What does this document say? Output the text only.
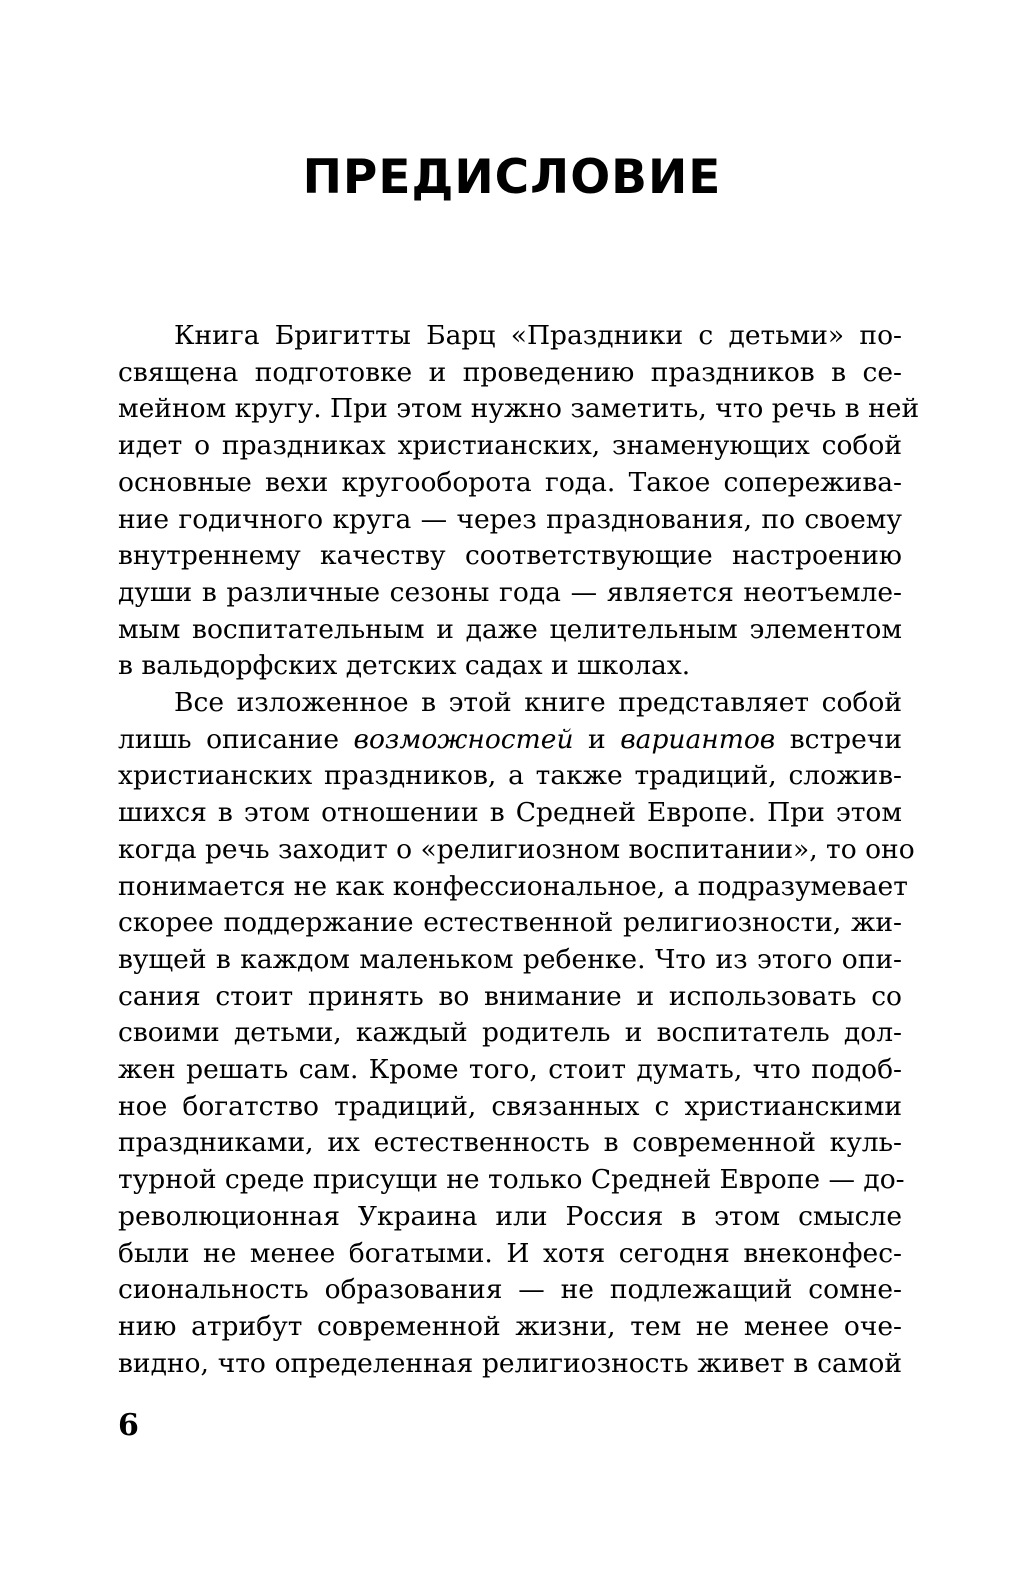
ПРЕДИСЛОВИЕ
Книга Бригитты Барц «Праздники с детьми» по-
священа подготовке и проведению праздников в се-
мейном кругу. При этом нужно заметить, что речь в ней
идет о праздниках христианских, знаменующих собой
основные вехи кругооборота года. Такое сопережива-
ние годичного круга — через празднования, по своему
внутреннему качеству соответствующие настроению
души в различные сезоны года — является неотъемле-
мым воспитательным и даже целительным элементом
в вальдорфских детских садах и школах.
Все изложенное в этой книге представляет собой
лишь описание возможностей и вариантов встречи
христианских праздников, а также традиций, сложив-
шихся в этом отношении в Средней Европе. При этом
когда речь заходит о «религиозном воспитании», то оно
понимается не как конфессиональное, а подразумевает
скорее поддержание естественной религиозности, жи-
вущей в каждом маленьком ребенке. Что из этого опи-
сания стоит принять во внимание и использовать со
своими детьми, каждый родитель и воспитатель дол-
жен решать сам. Кроме того, стоит думать, что подоб-
ное богатство традиций, связанных с христианскими
праздниками, их естественность в современной куль-
турной среде присущи не только Средней Европе — до-
революционная Украина или Россия в этом смысле
были не менее богатыми. И хотя сегодня внеконфес-
сиональность образования — не подлежащий сомне-
нию атрибут современной жизни, тем не менее оче-
видно, что определенная религиозность живет в самой
6
